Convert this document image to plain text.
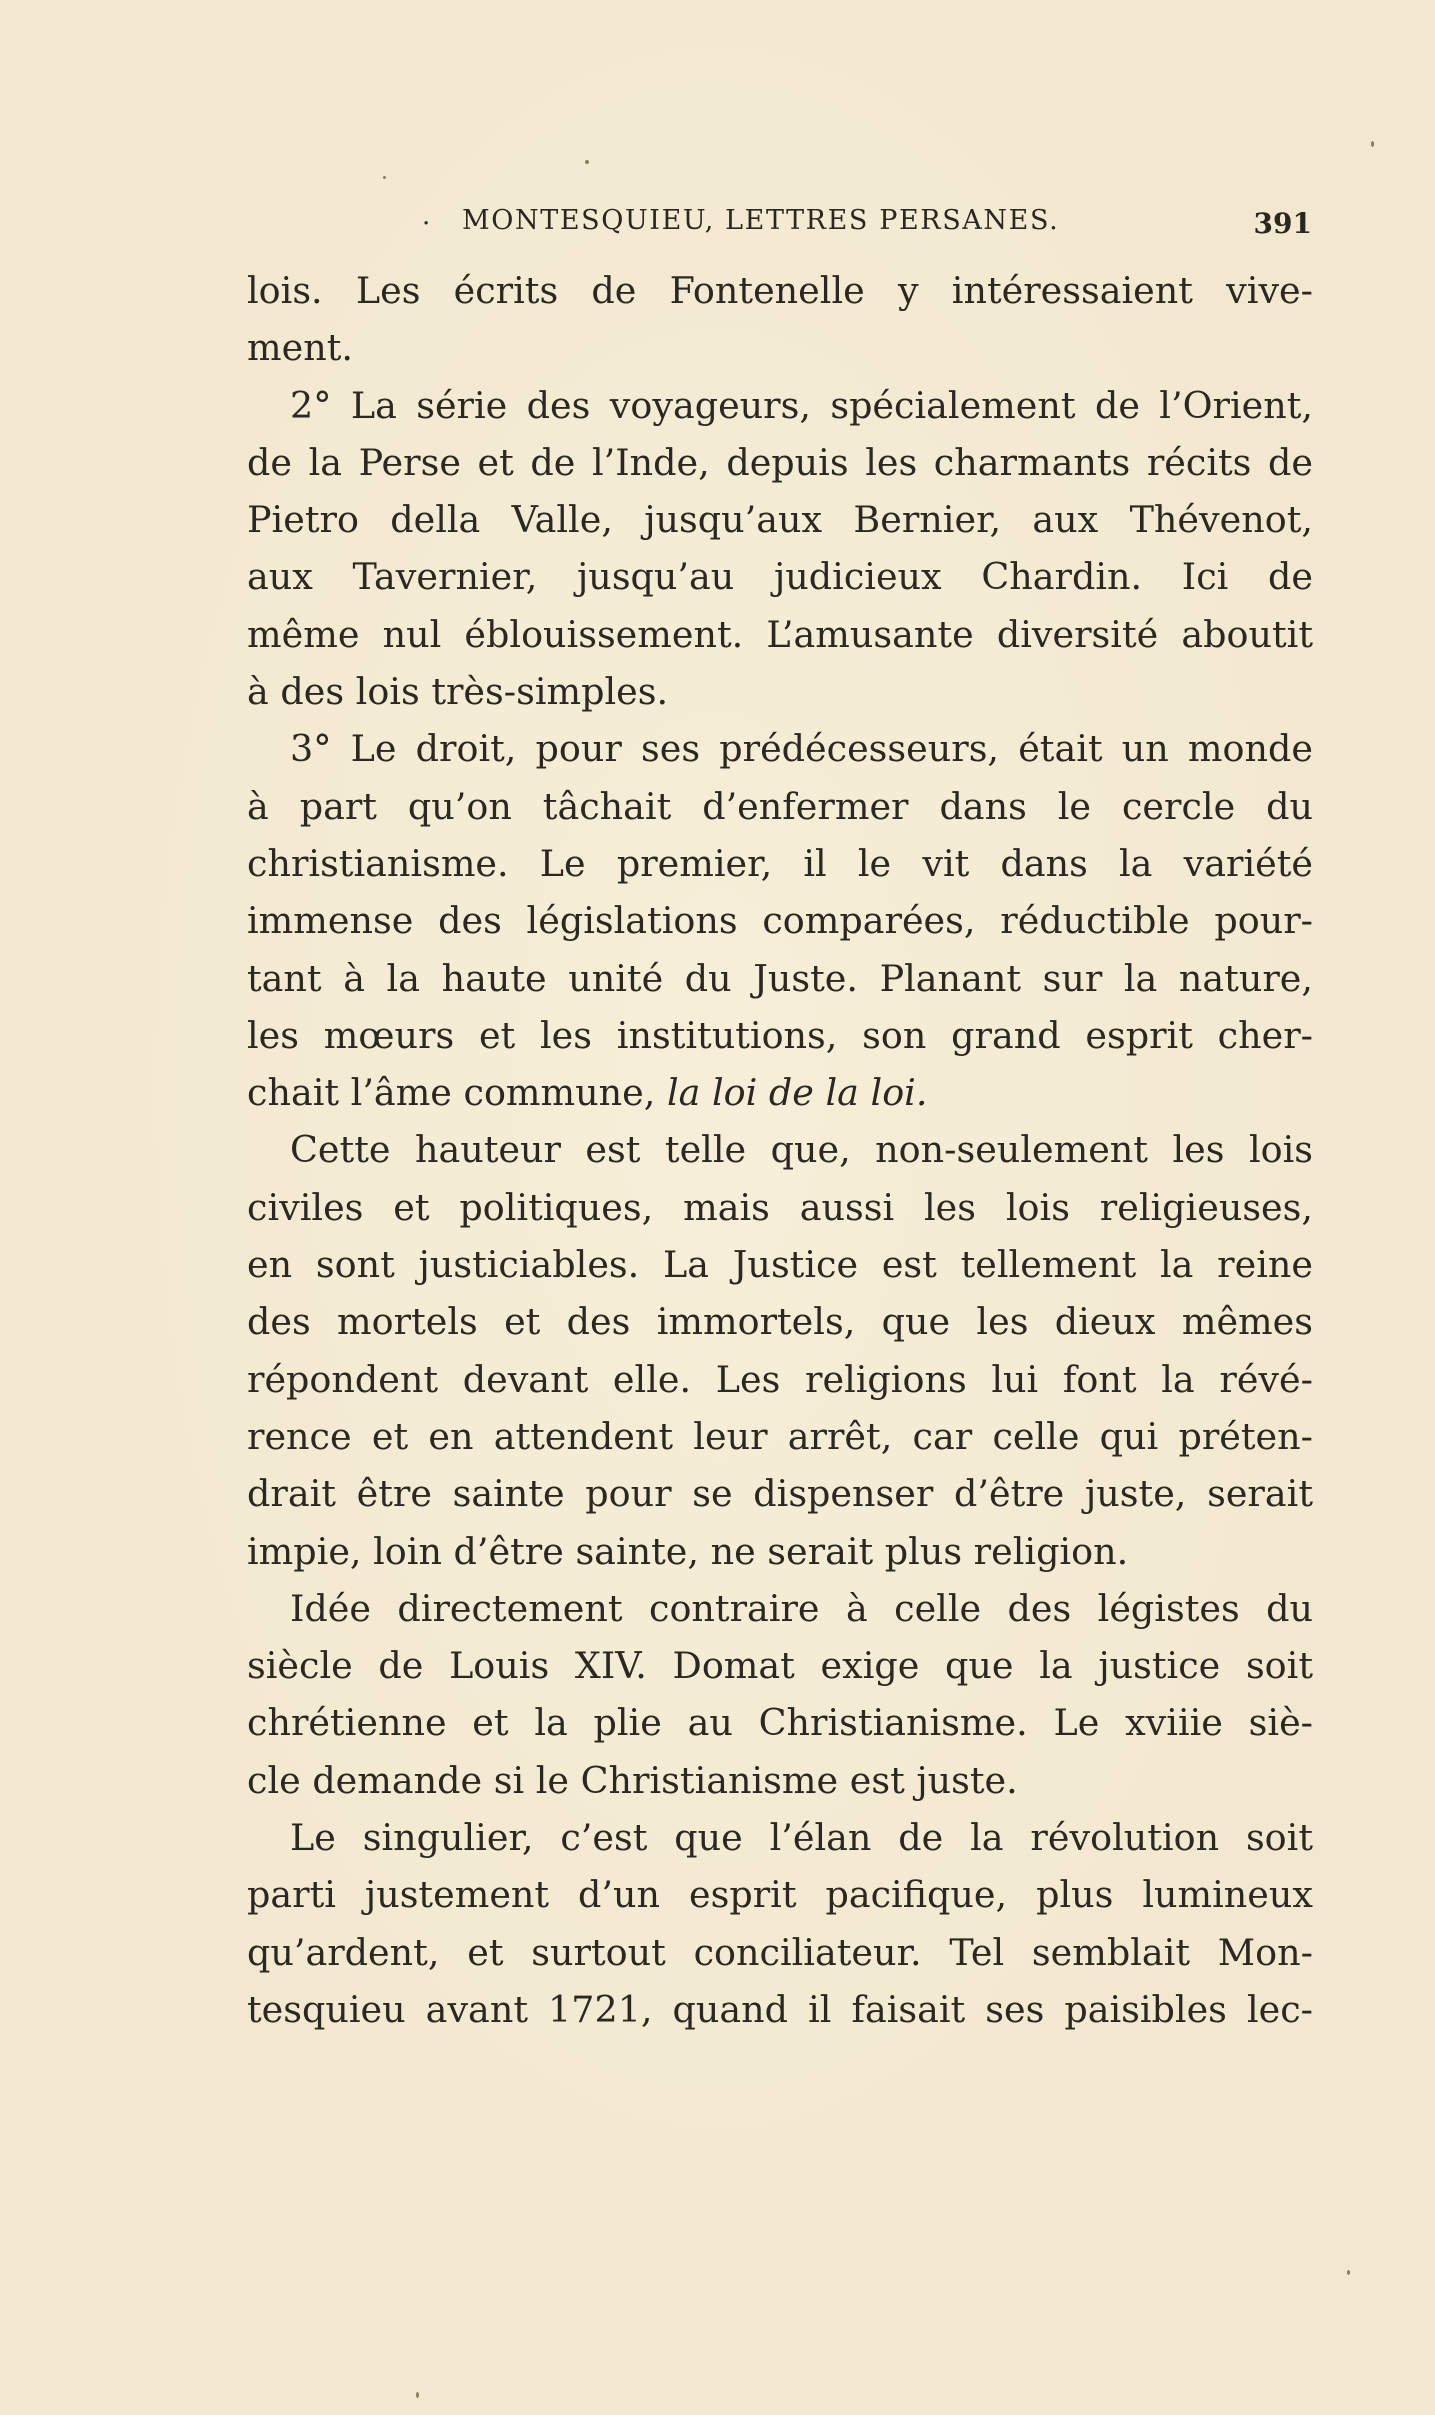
· MONTESQUIEU, LETTRES PERSANES.	391
lois. Les écrits de Fontenelle y intéressaient vive-
ment.
2° La série des voyageurs, spécialement de l’Orient,
de la Perse et de l’Inde, depuis les charmants récits de
Pietro della Valle, jusqu’aux Bernier, aux Thévenot,
aux Tavernier, jusqu’au judicieux Chardin. Ici de
même nul éblouissement. L’amusante diversité aboutit
à des lois très-simples.
3° Le droit, pour ses prédécesseurs, était un monde
à part qu’on tâchait d’enfermer dans le cercle du
christianisme. Le premier, il le vit dans la variété
immense des législations comparées, réductible pour-
tant à la haute unité du Juste. Planant sur la nature,
les mœurs et les institutions, son grand esprit cher-
chait l’âme commune, la loi de la loi.
Cette hauteur est telle que, non-seulement les lois
civiles et politiques, mais aussi les lois religieuses,
en sont justiciables. La Justice est tellement la reine
des mortels et des immortels, que les dieux mêmes
répondent devant elle. Les religions lui font la révé-
rence et en attendent leur arrêt, car celle qui préten-
drait être sainte pour se dispenser d’être juste, serait
impie, loin d’être sainte, ne serait plus religion.
Idée directement contraire à celle des légistes du
siècle de Louis XIV. Domat exige que la justice soit
chrétienne et la plie au Christianisme. Le xviiie siè-
cle demande si le Christianisme est juste.
Le singulier, c’est que l’élan de la révolution soit
parti justement d’un esprit pacifique, plus lumineux
qu’ardent, et surtout conciliateur. Tel semblait Mon-
tesquieu avant 1721, quand il faisait ses paisibles lec-
